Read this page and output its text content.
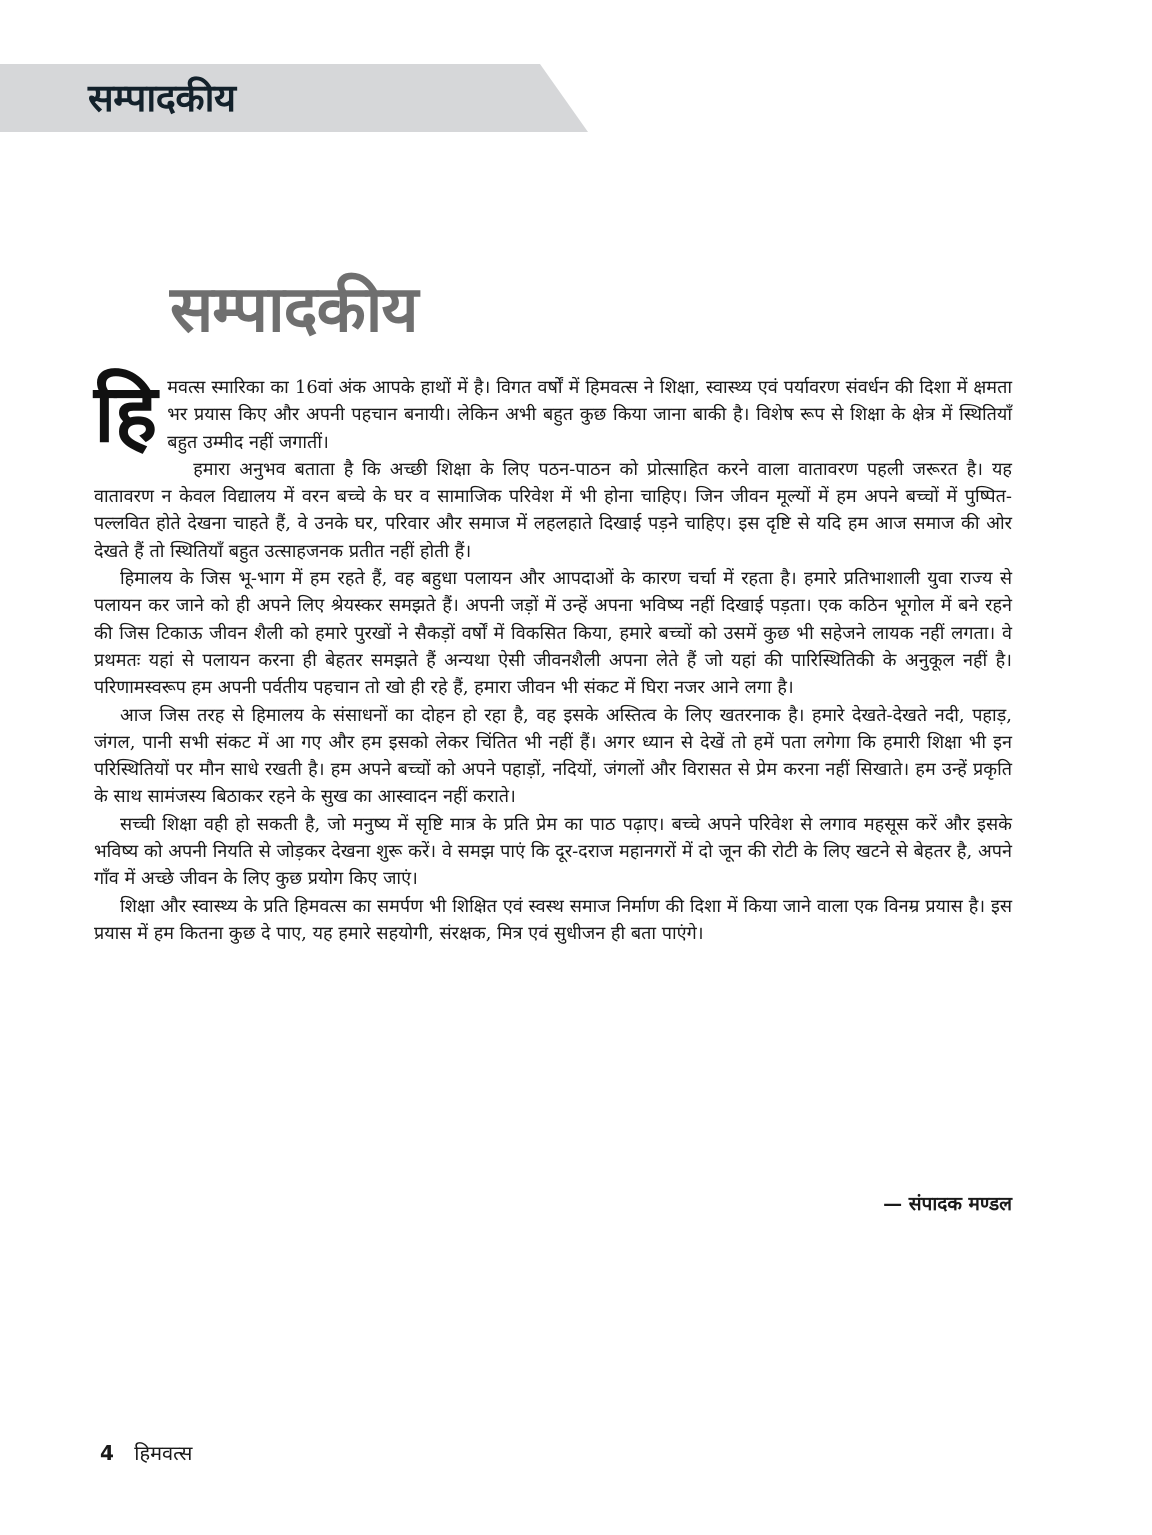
सम्पादकीय
सम्पादकीय

हिमवत्स स्मारिका का 16वां अंक आपके हाथों में है। विगत वर्षों में हिमवत्स ने शिक्षा, स्वास्थ्य एवं पर्यावरण संवर्धन की दिशा में क्षमता भर प्रयास किए और अपनी पहचान बनायी। लेकिन अभी बहुत कुछ किया जाना बाकी है। विशेष रूप से शिक्षा के क्षेत्र में स्थितियाँ बहुत उम्मीद नहीं जगातीं।

हमारा अनुभव बताता है कि अच्छी शिक्षा के लिए पठन-पाठन को प्रोत्साहित करने वाला वातावरण पहली जरूरत है। यह वातावरण न केवल विद्यालय में वरन बच्चे के घर व सामाजिक परिवेश में भी होना चाहिए। जिन जीवन मूल्यों में हम अपने बच्चों में पुष्पित-पल्लवित होते देखना चाहते हैं, वे उनके घर, परिवार और समाज में लहलहाते दिखाई पड़ने चाहिए। इस दृष्टि से यदि हम आज समाज की ओर देखते हैं तो स्थितियाँ बहुत उत्साहजनक प्रतीत नहीं होती हैं।

हिमालय के जिस भू-भाग में हम रहते हैं, वह बहुधा पलायन और आपदाओं के कारण चर्चा में रहता है। हमारे प्रतिभाशाली युवा राज्य से पलायन कर जाने को ही अपने लिए श्रेयस्कर समझते हैं। अपनी जड़ों में उन्हें अपना भविष्य नहीं दिखाई पड़ता। एक कठिन भूगोल में बने रहने की जिस टिकाऊ जीवन शैली को हमारे पुरखों ने सैकड़ों वर्षों में विकसित किया, हमारे बच्चों को उसमें कुछ भी सहेजने लायक नहीं लगता। वे प्रथमतः यहां से पलायन करना ही बेहतर समझते हैं अन्यथा ऐसी जीवनशैली अपना लेते हैं जो यहां की पारिस्थितिकी के अनुकूल नहीं है। परिणामस्वरूप हम अपनी पर्वतीय पहचान तो खो ही रहे हैं, हमारा जीवन भी संकट में घिरा नजर आने लगा है।

आज जिस तरह से हिमालय के संसाधनों का दोहन हो रहा है, वह इसके अस्तित्व के लिए खतरनाक है। हमारे देखते-देखते नदी, पहाड़, जंगल, पानी सभी संकट में आ गए और हम इसको लेकर चिंतित भी नहीं हैं। अगर ध्यान से देखें तो हमें पता लगेगा कि हमारी शिक्षा भी इन परिस्थितियों पर मौन साधे रखती है। हम अपने बच्चों को अपने पहाड़ों, नदियों, जंगलों और विरासत से प्रेम करना नहीं सिखाते। हम उन्हें प्रकृति के साथ सामंजस्य बिठाकर रहने के सुख का आस्वादन नहीं कराते।

सच्ची शिक्षा वही हो सकती है, जो मनुष्य में सृष्टि मात्र के प्रति प्रेम का पाठ पढ़ाए। बच्चे अपने परिवेश से लगाव महसूस करें और इसके भविष्य को अपनी नियति से जोड़कर देखना शुरू करें। वे समझ पाएं कि दूर-दराज महानगरों में दो जून की रोटी के लिए खटने से बेहतर है, अपने गाँव में अच्छे जीवन के लिए कुछ प्रयोग किए जाएं।

शिक्षा और स्वास्थ्य के प्रति हिमवत्स का समर्पण भी शिक्षित एवं स्वस्थ समाज निर्माण की दिशा में किया जाने वाला एक विनम्र प्रयास है। इस प्रयास में हम कितना कुछ दे पाए, यह हमारे सहयोगी, संरक्षक, मित्र एवं सुधीजन ही बता पाएंगे।

— संपादक मण्डल
4 हिमवत्स
